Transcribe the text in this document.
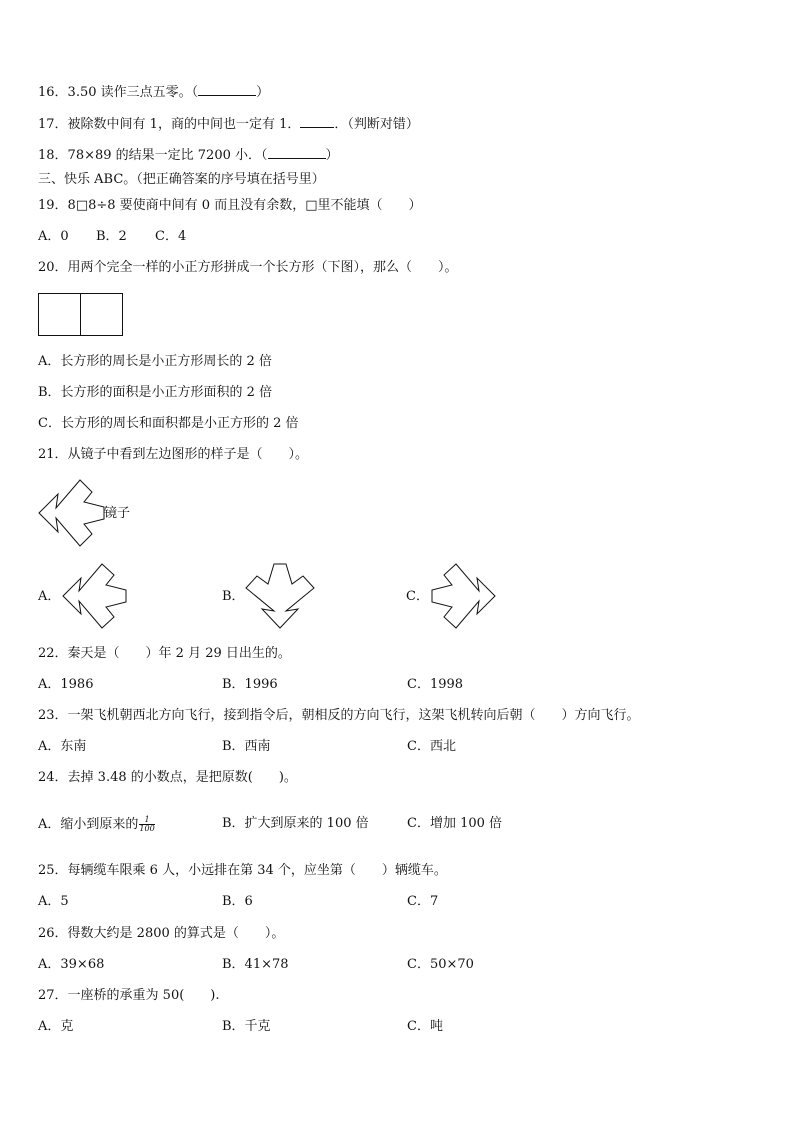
16．3.50 读作三点五零。（	）
17．被除数中间有 1，商的中间也一定有 1．	．（判断对错）
18．78×89 的结果一定比 7200 小．（	）
三、快乐 ABC。（把正确答案的序号填在括号里）
19．8□8÷8 要使商中间有 0 而且没有余数，□里不能填（　　）
A．0 B．2 C．4
20．用两个完全一样的小正方形拼成一个长方形（下图），那么（　　）。
A．长方形的周长是小正方形周长的 2 倍
B．长方形的面积是小正方形面积的 2 倍
C．长方形的周长和面积都是小正方形的 2 倍
21．从镜子中看到左边图形的样子是（　　）。
镜子
A．	B．	C．
22．秦天是（　　）年 2 月 29 日出生的。
A．1986	B．1996	C．1998
23．一架飞机朝西北方向飞行，接到指令后，朝相反的方向飞行，这架飞机转向后朝（　　）方向飞行。
A．东南	B．西南	C．西北
24．去掉 3.48 的小数点，是把原数(　　)。
A．缩小到原来的 $\frac{1}{100}$	B．扩大到原来的 100 倍	C．增加 100 倍
25．每辆缆车限乘 6 人，小远排在第 34 个，应坐第（　　）辆缆车。
A．5	B．6	C．7
26．得数大约是 2800 的算式是（　　）。
A．39×68	B．41×78	C．50×70
27．一座桥的承重为 50(　　).
A．克	B．千克	C．吨
